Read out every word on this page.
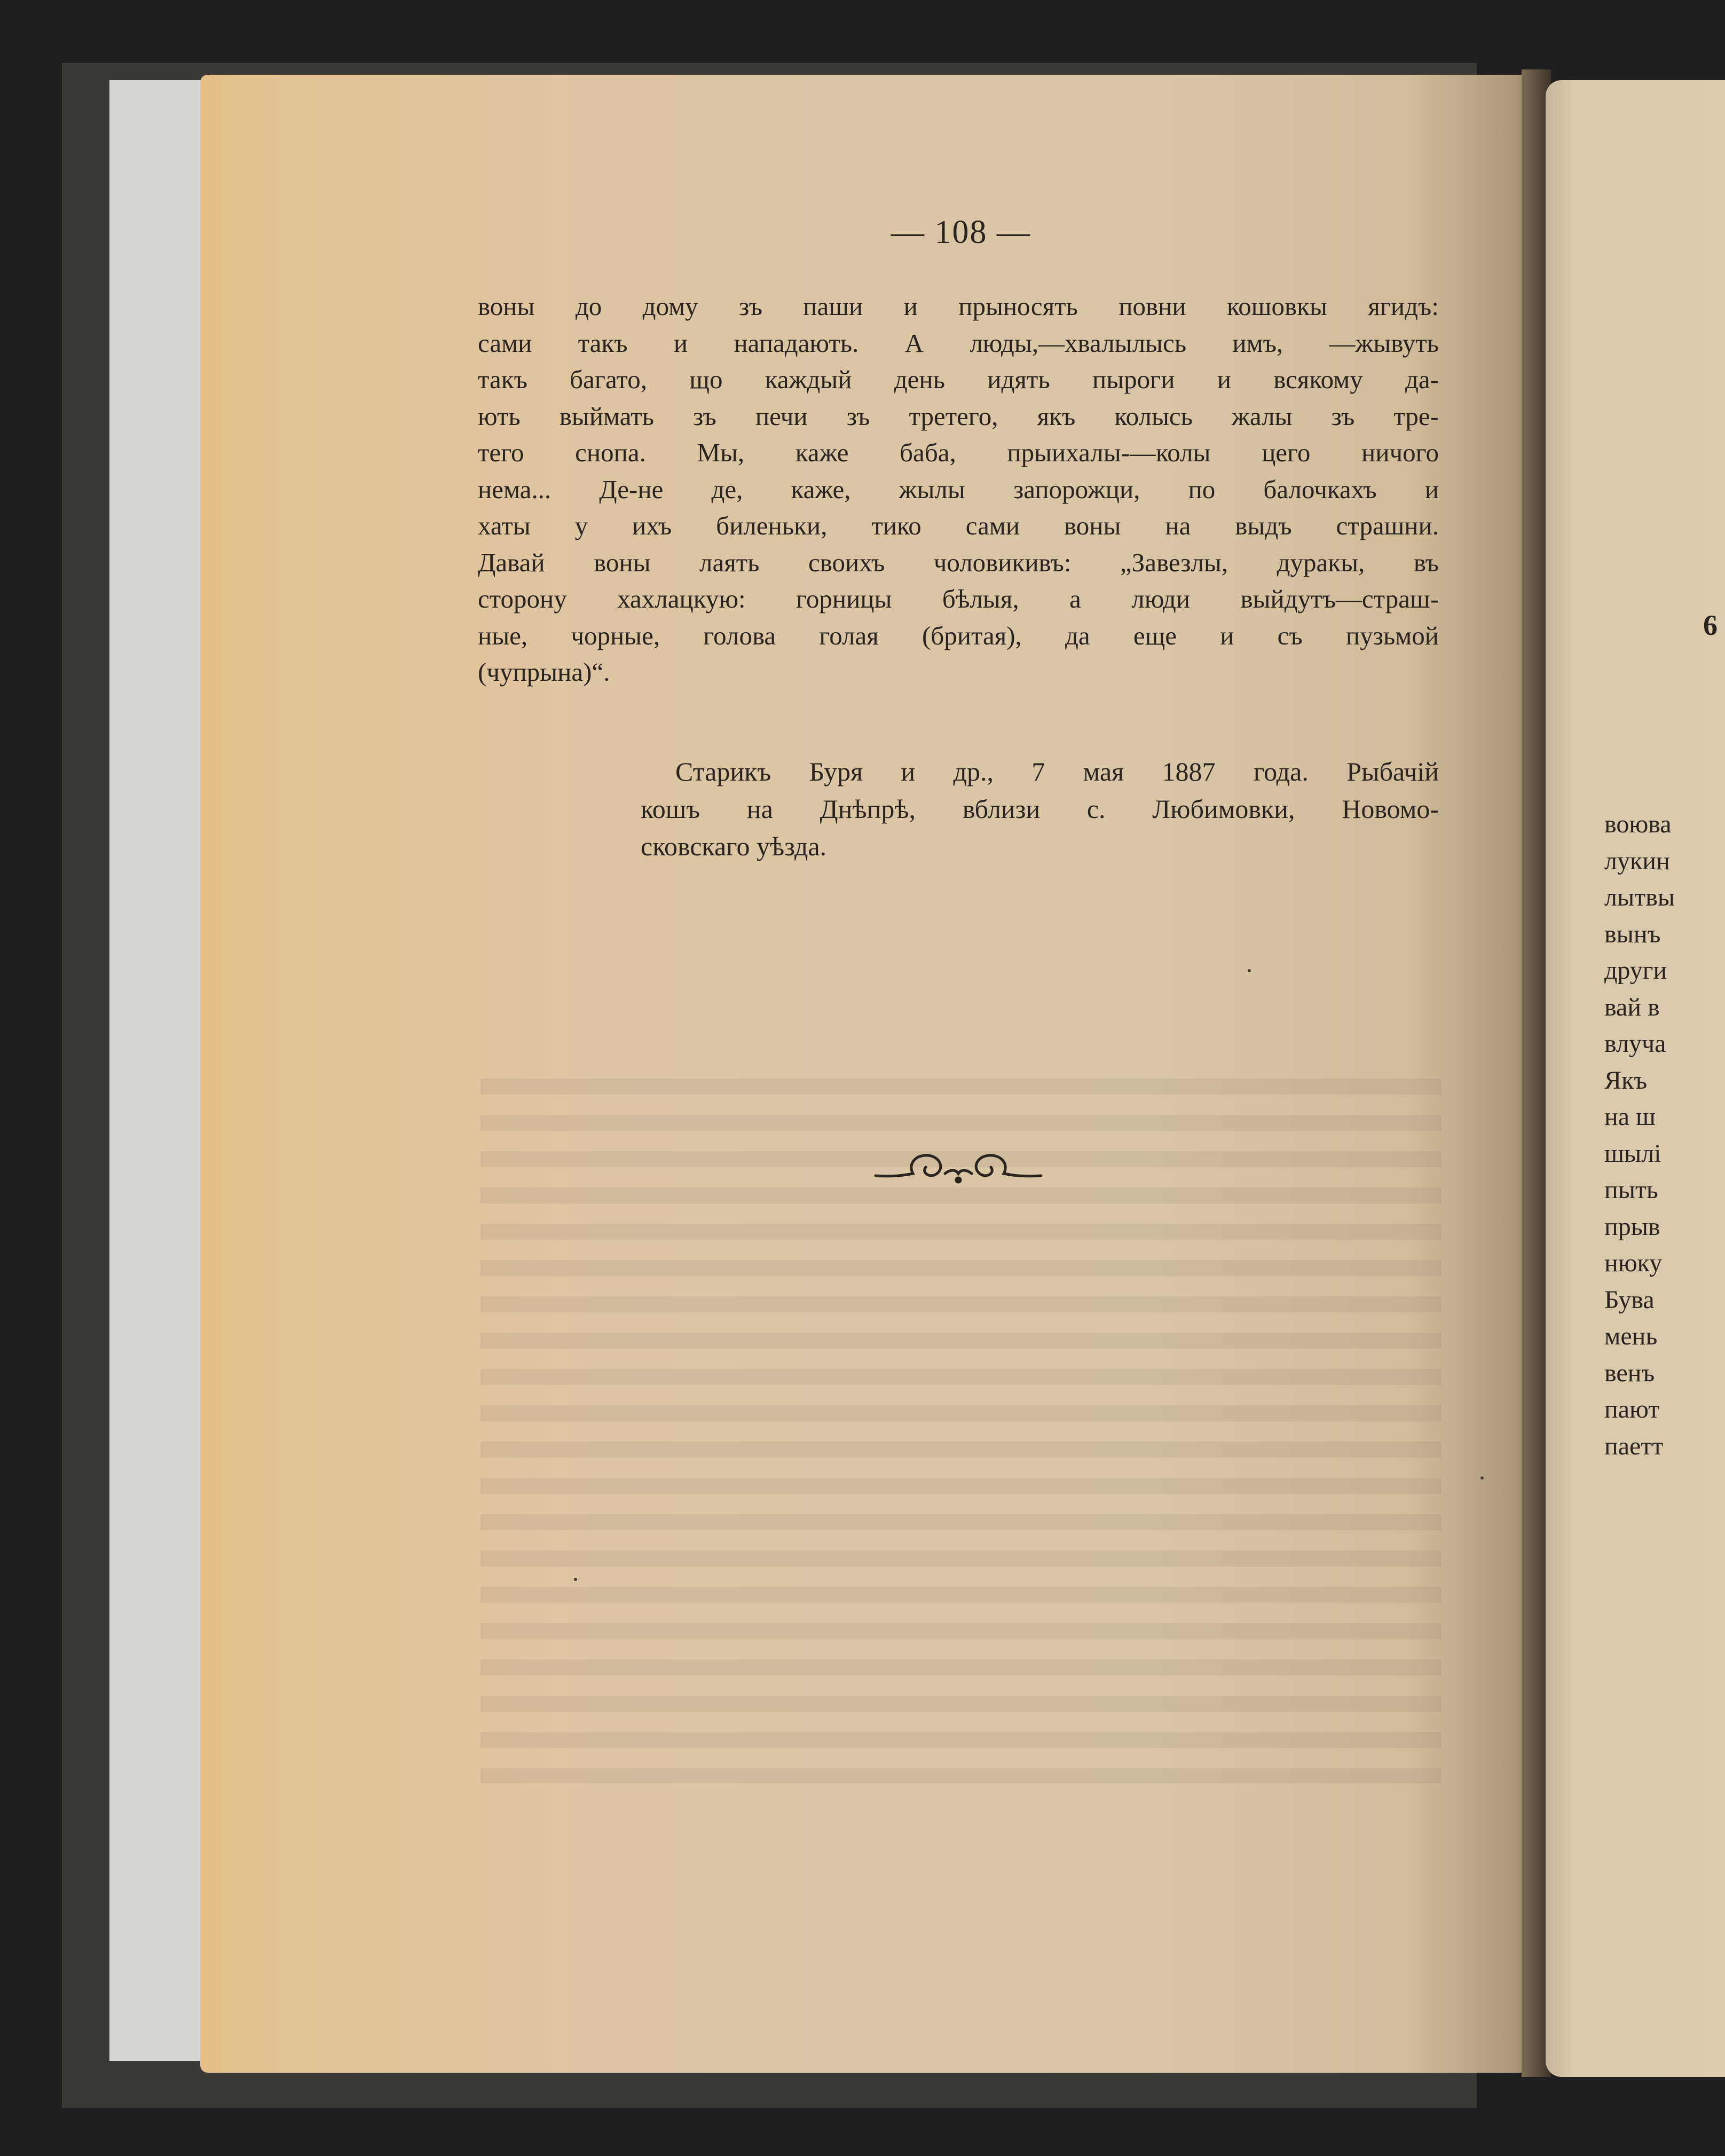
— 108 —
воны до дому зъ паши и прыносять повни кошовкы ягидъ:
сами такъ и нападають. А люды,—хвалылысь имъ, —жывуть
такъ багато, що каждый день идять пыроги и всякому да-
ють выймать зъ печи зъ третего, якъ колысь жалы зъ тре-
тего снопа. Мы, каже баба, прыихалы-—колы цего ничого
нема... Де-не де, каже, жылы запорожци, по балочкахъ и
хаты у ихъ биленьки, тико сами воны на выдъ страшни.
Давай воны лаять своихъ чоловикивъ: „Завезлы, дуракы, въ
сторону хахлацкую: горницы бѣлыя, а люди выйдутъ—страш-
ные, чорные, голова голая (бритая), да еще и съ пузьмой
(чупрына)“.
Старикъ Буря и др., 7 мая 1887 года. Рыбачій
кошъ на Днѣпрѣ, вблизи с. Любимовки, Новомо-
сковскаго уѣзда.
6
воюва
лукин
лытвы
вынъ
други
вай в
влуча
Якъ
на ш
шылі
пыть
прыв
нюку
Бува
мень
венъ
пают
паетт
